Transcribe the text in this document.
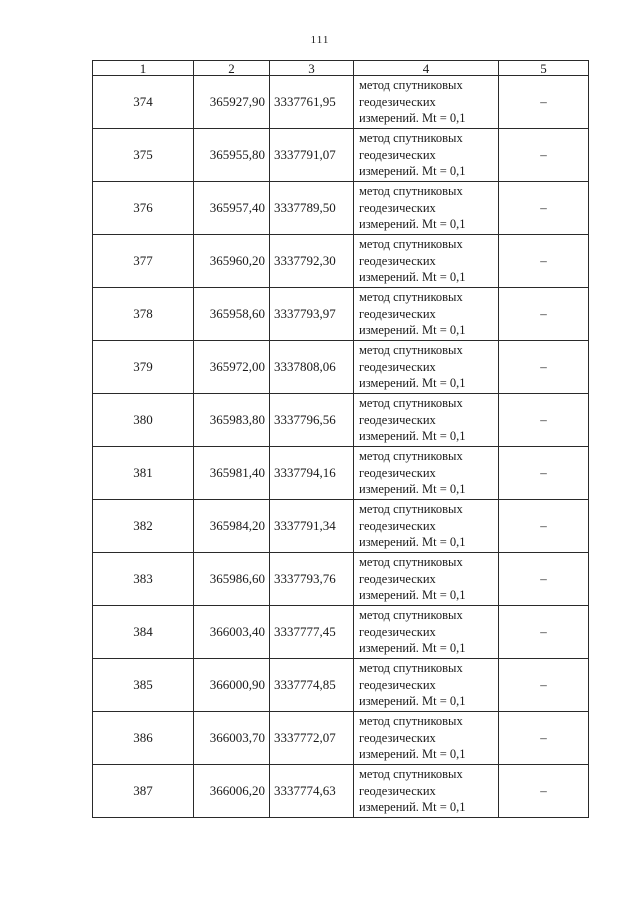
111
1	2	3	4	5
374	365927,90	3337761,95	метод спутниковых
геодезических
измерений. Mt = 0,1	–
375	365955,80	3337791,07	метод спутниковых
геодезических
измерений. Mt = 0,1	–
376	365957,40	3337789,50	метод спутниковых
геодезических
измерений. Mt = 0,1	–
377	365960,20	3337792,30	метод спутниковых
геодезических
измерений. Mt = 0,1	–
378	365958,60	3337793,97	метод спутниковых
геодезических
измерений. Mt = 0,1	–
379	365972,00	3337808,06	метод спутниковых
геодезических
измерений. Mt = 0,1	–
380	365983,80	3337796,56	метод спутниковых
геодезических
измерений. Mt = 0,1	–
381	365981,40	3337794,16	метод спутниковых
геодезических
измерений. Mt = 0,1	–
382	365984,20	3337791,34	метод спутниковых
геодезических
измерений. Mt = 0,1	–
383	365986,60	3337793,76	метод спутниковых
геодезических
измерений. Mt = 0,1	–
384	366003,40	3337777,45	метод спутниковых
геодезических
измерений. Mt = 0,1	–
385	366000,90	3337774,85	метод спутниковых
геодезических
измерений. Mt = 0,1	–
386	366003,70	3337772,07	метод спутниковых
геодезических
измерений. Mt = 0,1	–
387	366006,20	3337774,63	метод спутниковых
геодезических
измерений. Mt = 0,1	–
